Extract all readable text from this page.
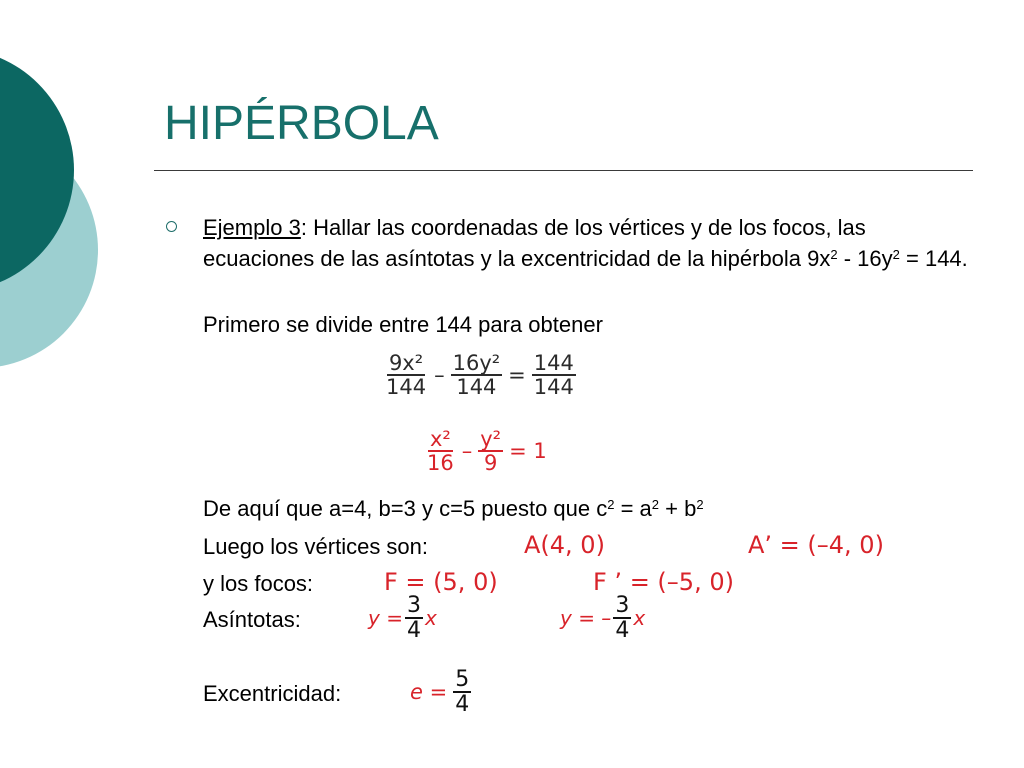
HIPÉRBOLA
Ejemplo 3: Hallar las coordenadas de los vértices y de los focos, las ecuaciones de las asíntotas y la excentricidad de la hipérbola $9x^2 - 16y^2 = 144$.
Primero se divide entre 144 para obtener
$\frac{\text{9x²}}{144} - \frac{\text{16y²}}{144} = \frac{144}{144}$
$\frac{\text{x²}}{16} - \frac{\text{y²}}{9} = 1$
De aquí que a=4, b=3 y c=5 puesto que $c^2 = a^2 + b^2$
Luego los vértices son:	A(4, 0)	A’ = (–4, 0)
y los focos:	F = (5, 0)	F ’ = (–5, 0)
Asíntotas:	$y = \frac{3}{4}$ x	y = – $\frac{3}{4}$ x
Excentricidad:	$e = \frac{5}{4}$
